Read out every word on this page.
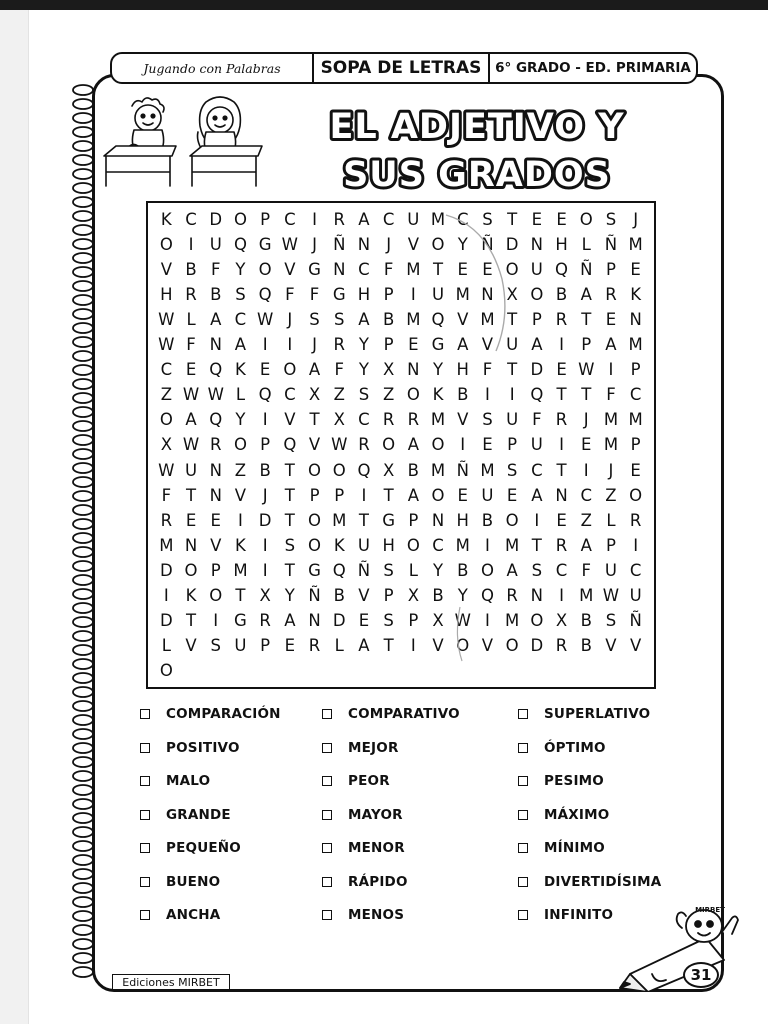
Jugando con Palabras	SOPA DE LETRAS	6° GRADO - ED. PRIMARIA
EL ADJETIVO Y
SUS GRADOS
K C D O P C I	R A C U M C S T E E O S	J
O I U Q G W J Ñ N J	V O Y Ñ D N H L Ñ M
V B F Y O V G N C F M T E E O U Q Ñ P E
H R B S Q F F G H P	I U M N X O B A R K
W L A C W J	S S A B M Q V M T P R T E N
W F N A	I	I	J	R Y P E G A V U A	I	P A M
C E Q K E O A F Y X N Y H F T D E W I	P
Z W W L Q C X Z S Z O K B	I	I Q T T F C
O A Q Y	I	V T X C R R M V S U F R	J M M
X W R O P Q V W R O A O I	E P U I	E M P
W U N Z B T O O Q X B M Ñ M S C T	I	J	E
F T N V	J	T P P	I	T A O E U E A N C Z O
R E E	I D T O M T G P N H B O I	E Z L R
M N V K	I	S O K U H O C M I M T R A P	I
D O P M I	T G Q Ñ S L Y B O A S C F U C
I	K O T X Y Ñ B V P X B Y Q R N I M W U
D T	I G R A N D E S P X W I M O X B S Ñ
L V S U P E R L A T	I	V O V O D R B V V
O
COMPARACIÓN
POSITIVO
MALO
GRANDE
PEQUEÑO
BUENO
ANCHA
COMPARATIVO
MEJOR
PEOR
MAYOR
MENOR
RÁPIDO
MENOS
SUPERLATIVO
ÓPTIMO
PESIMO
MÁXIMO
MÍNIMO
DIVERTIDÍSIMA
INFINITO
Ediciones MIRBET
MIRBET
31
